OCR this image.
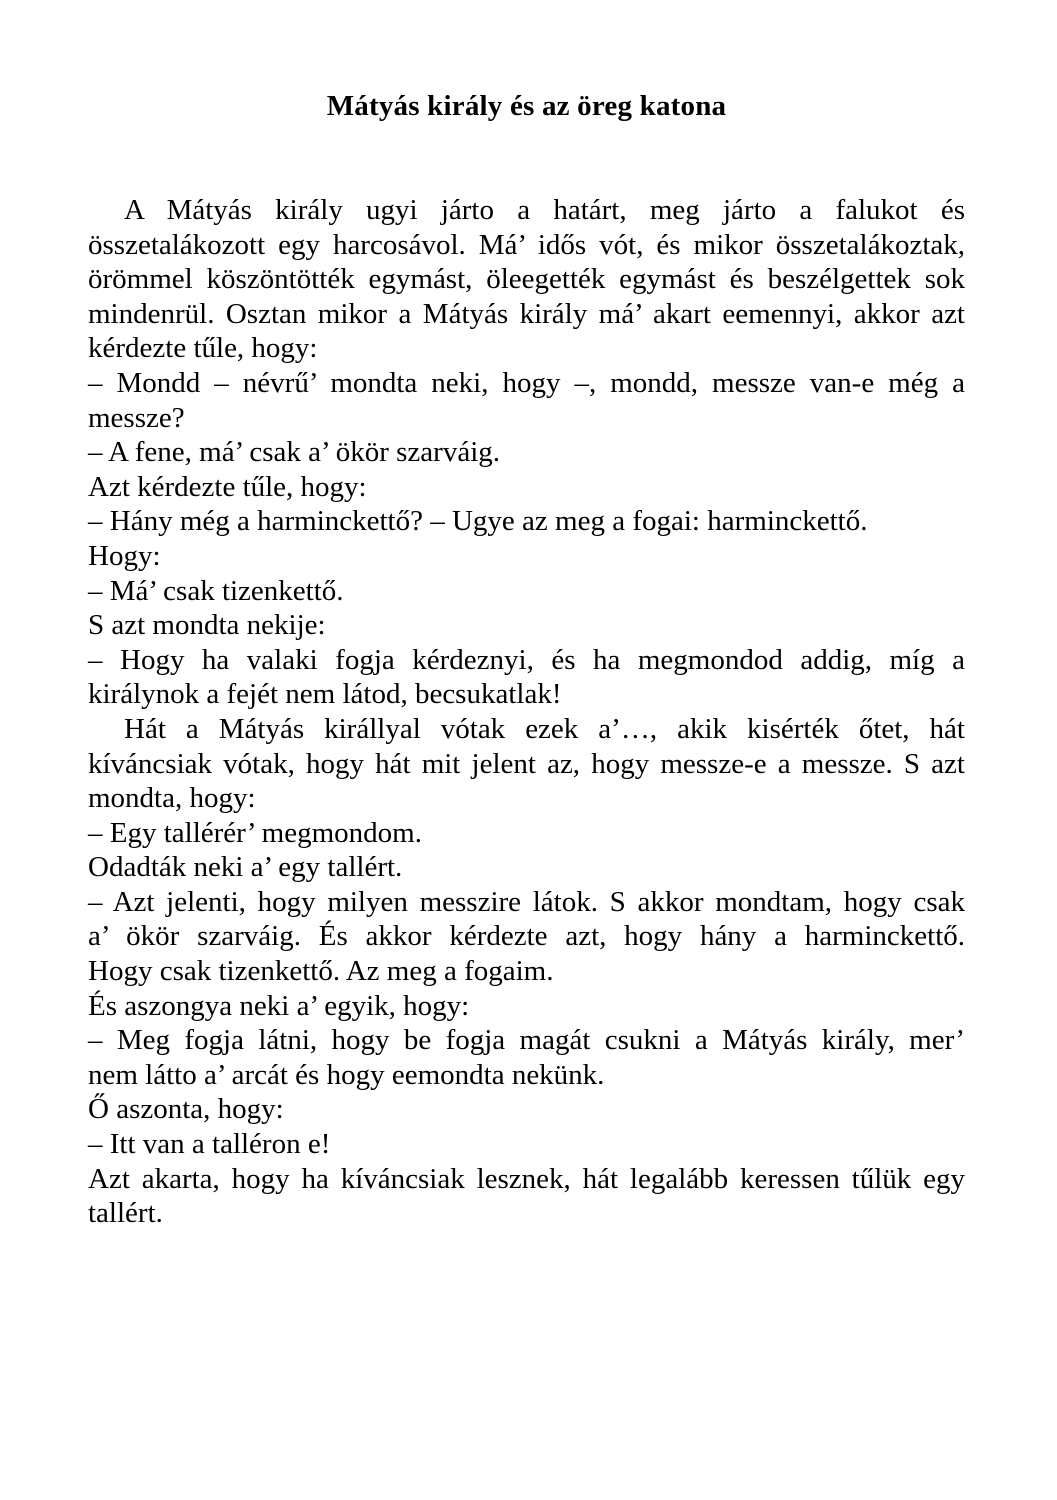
Mátyás király és az öreg katona
A Mátyás király ugyi járto a határt, meg járto a falukot és
összetalákozott egy harcosávol. Má’ idős vót, és mikor összetalákoztak,
örömmel köszöntötték egymást, öleegették egymást és beszélgettek sok
mindenrül. Osztan mikor a Mátyás király má’ akart eemennyi, akkor azt
kérdezte tűle, hogy:
– Mondd – névrű’ mondta neki, hogy –, mondd, messze van-e még a
messze?
– A fene, má’ csak a’ ökör szarváig.
Azt kérdezte tűle, hogy:
– Hány még a harminckettő? – Ugye az meg a fogai: harminckettő.
Hogy:
– Má’ csak tizenkettő.
S azt mondta nekije:
– Hogy ha valaki fogja kérdeznyi, és ha megmondod addig, míg a
királynok a fejét nem látod, becsukatlak!
Hát a Mátyás királlyal vótak ezek a’…, akik kisérték őtet, hát
kíváncsiak vótak, hogy hát mit jelent az, hogy messze-e a messze. S azt
mondta, hogy:
– Egy tallérér’ megmondom.
Odadták neki a’ egy tallért.
– Azt jelenti, hogy milyen messzire látok. S akkor mondtam, hogy csak
a’ ökör szarváig. És akkor kérdezte azt, hogy hány a harminckettő.
Hogy csak tizenkettő. Az meg a fogaim.
És aszongya neki a’ egyik, hogy:
– Meg fogja látni, hogy be fogja magát csukni a Mátyás király, mer’
nem látto a’ arcát és hogy eemondta nekünk.
Ő aszonta, hogy:
– Itt van a talléron e!
Azt akarta, hogy ha kíváncsiak lesznek, hát legalább keressen tűlük egy
tallért.
